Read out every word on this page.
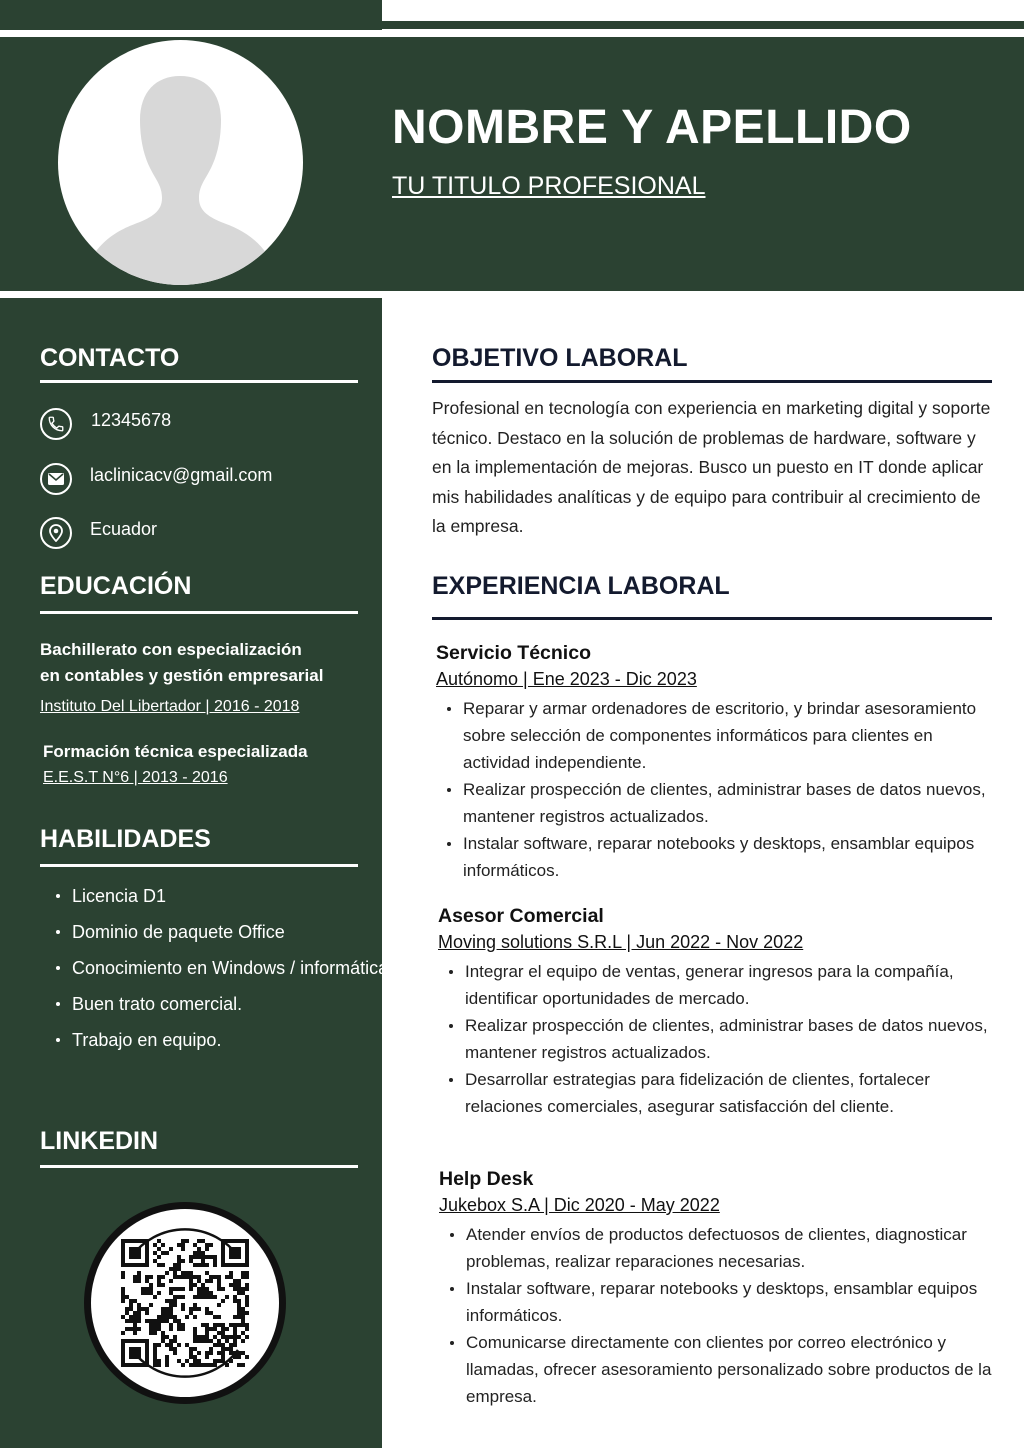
NOMBRE Y APELLIDO
TU TITULO PROFESIONAL
CONTACTO
12345678
laclinicacv@gmail.com
Ecuador
EDUCACIÓN
Bachillerato con especialización
en contables y gestión empresarial
Instituto Del Libertador | 2016 - 2018
Formación técnica especializada
E.E.S.T N°6 | 2013 - 2016
HABILIDADES
Licencia D1
Dominio de paquete Office
Conocimiento en Windows / informática
Buen trato comercial.
Trabajo en equipo.
LINKEDIN
OBJETIVO LABORAL

Profesional en tecnología con experiencia en marketing digital y soporte técnico. Destaco en la solución de problemas de hardware, software y en la implementación de mejoras. Busco un puesto en IT donde aplicar mis habilidades analíticas y de equipo para contribuir al crecimiento de la empresa.

EXPERIENCIA LABORAL
Servicio Técnico
Autónomo | Ene 2023 - Dic 2023
Reparar y armar ordenadores de escritorio, y brindar asesoramiento sobre selección de componentes informáticos para clientes en actividad independiente.
Realizar prospección de clientes, administrar bases de datos nuevos, mantener registros actualizados.
Instalar software, reparar notebooks y desktops, ensamblar equipos informáticos.
Asesor Comercial
Moving solutions S.R.L | Jun 2022 - Nov 2022
Integrar el equipo de ventas, generar ingresos para la compañía, identificar oportunidades de mercado.
Realizar prospección de clientes, administrar bases de datos nuevos, mantener registros actualizados.
Desarrollar estrategias para fidelización de clientes, fortalecer relaciones comerciales, asegurar satisfacción del cliente.
Help Desk
Jukebox S.A | Dic 2020 - May 2022
Atender envíos de productos defectuosos de clientes, diagnosticar problemas, realizar reparaciones necesarias.
Instalar software, reparar notebooks y desktops, ensamblar equipos informáticos.
Comunicarse directamente con clientes por correo electrónico y llamadas, ofrecer asesoramiento personalizado sobre productos de la empresa.
